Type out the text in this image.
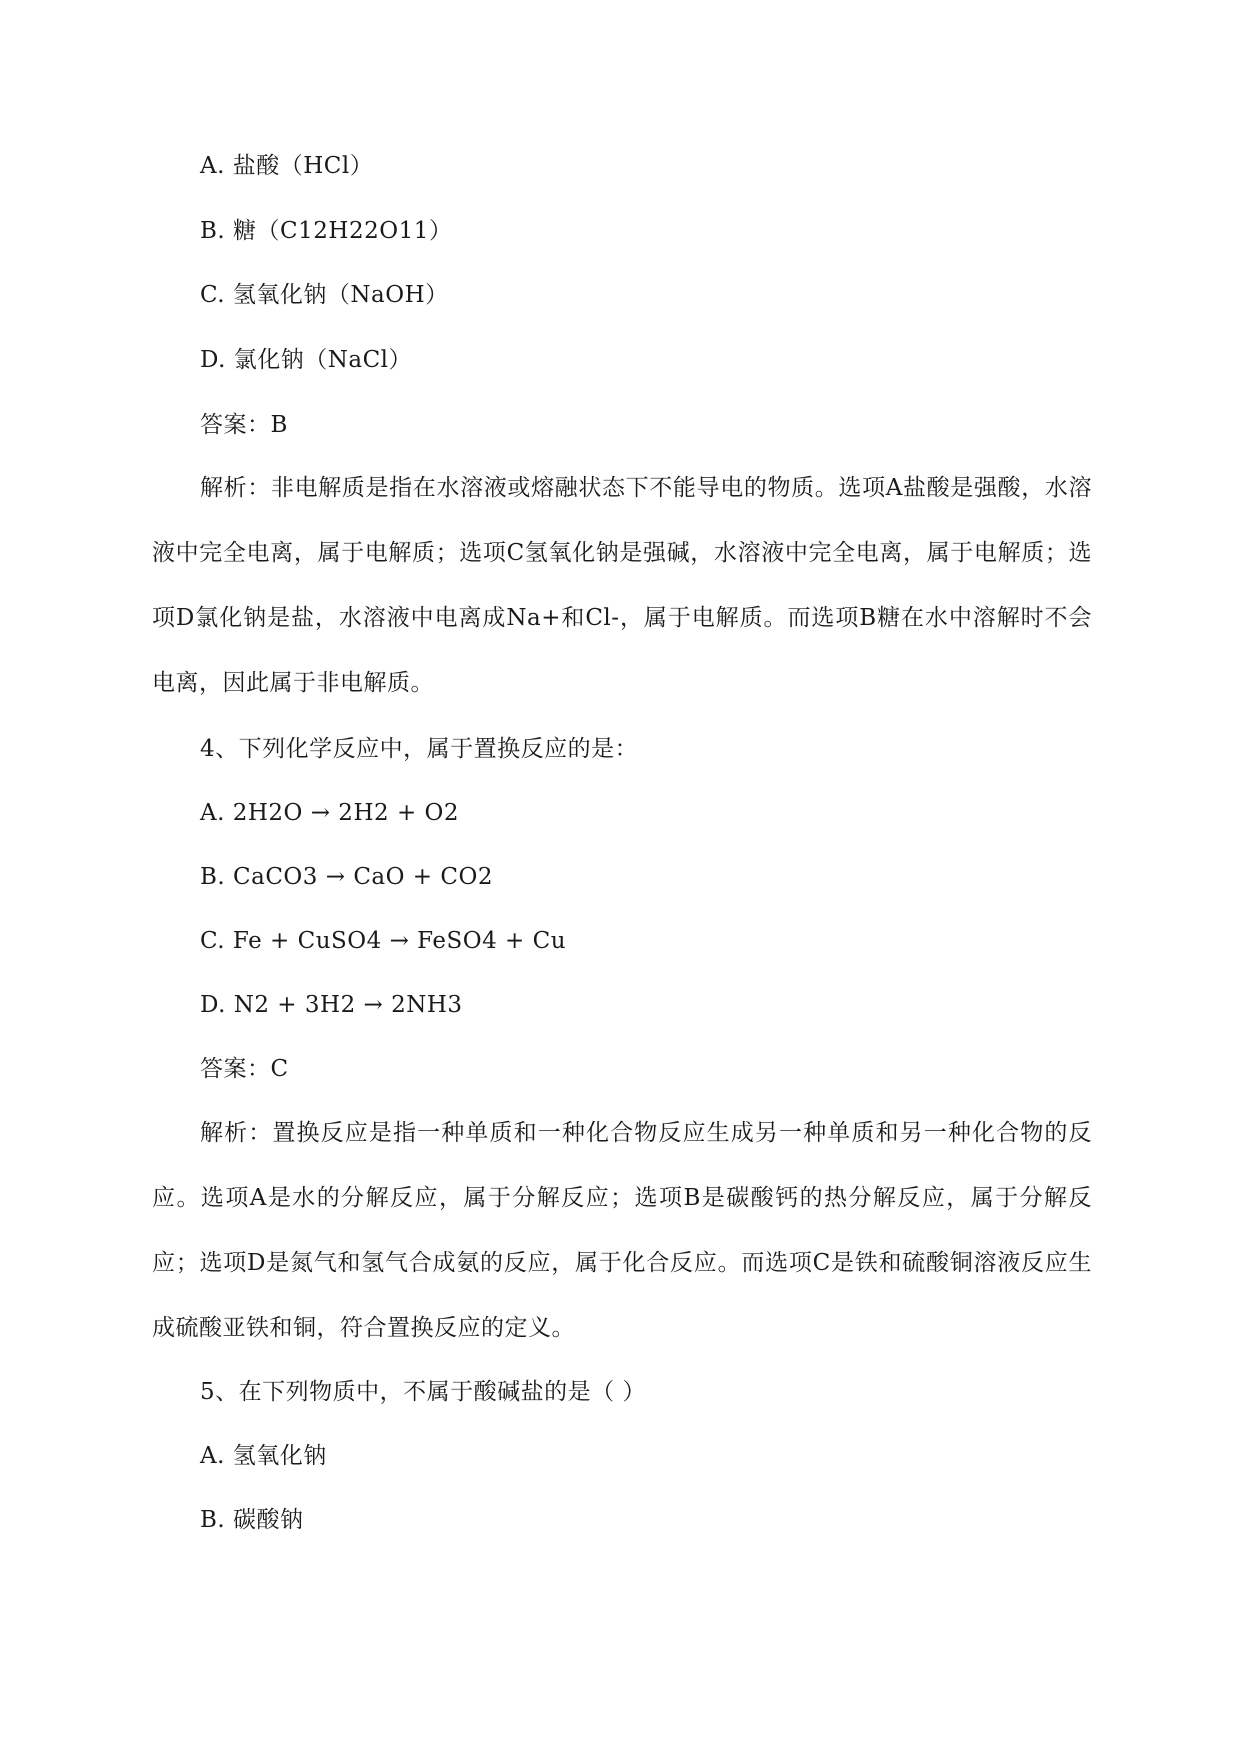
A. 盐酸（HCl）
B. 糖（C12H22O11）
C. 氢氧化钠（NaOH）
D. 氯化钠（NaCl）
答案：B
解析：非电解质是指在水溶液或熔融状态下不能导电的物质。选项A盐酸是强酸，水溶液中完全电离，属于电解质；选项C氢氧化钠是强碱，水溶液中完全电离，属于电解质；选项D氯化钠是盐，水溶液中电离成Na+和Cl-，属于电解质。而选项B糖在水中溶解时不会电离，因此属于非电解质。
4、下列化学反应中，属于置换反应的是：
A. 2H2O → 2H2 + O2
B. CaCO3 → CaO + CO2
C. Fe + CuSO4 → FeSO4 + Cu
D. N2 + 3H2 → 2NH3
答案：C
解析：置换反应是指一种单质和一种化合物反应生成另一种单质和另一种化合物的反应。选项A是水的分解反应，属于分解反应；选项B是碳酸钙的热分解反应，属于分解反应；选项D是氮气和氢气合成氨的反应，属于化合反应。而选项C是铁和硫酸铜溶液反应生成硫酸亚铁和铜，符合置换反应的定义。
5、在下列物质中，不属于酸碱盐的是（ ）
A. 氢氧化钠
B. 碳酸钠
